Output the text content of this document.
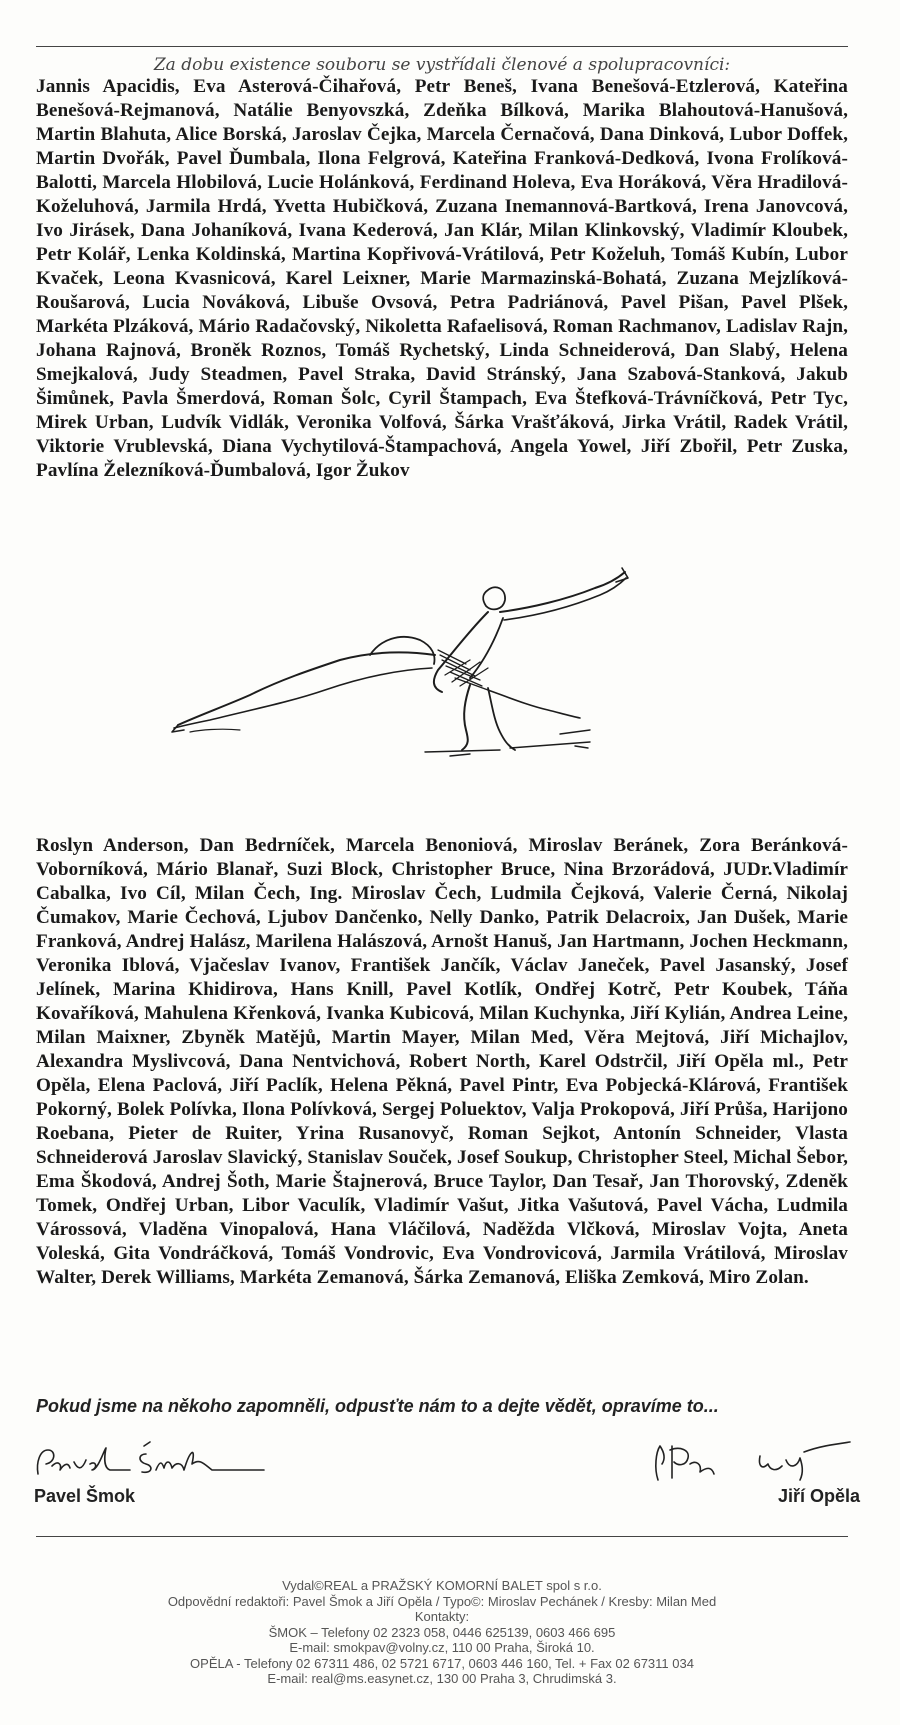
Za dobu existence souboru se vystřídali členové a spolupracovníci:
Jannis Apacidis, Eva Asterová-Čihařová, Petr Beneš, Ivana Benešová-Etzlerová, Kateřina Benešová-Rejmanová, Natálie Benyovszká, Zdeňka Bílková, Marika Blahoutová-Hanušová, Martin Blahuta, Alice Borská, Jaroslav Čejka, Marcela Černačová, Dana Dinková, Lubor Doffek, Martin Dvořák, Pavel Ďumbala, Ilona Felgrová, Kateřina Franková-Dedková, Ivona Frolíková-Balotti, Marcela Hlobilová, Lucie Holánková, Ferdinand Holeva, Eva Horáková, Věra Hradilová-Koželuhová, Jarmila Hrdá, Yvetta Hubičková, Zuzana Inemannová-Bartková, Irena Janovcová, Ivo Jirásek, Dana Johaníková, Ivana Kederová, Jan Klár, Milan Klinkovský, Vladimír Kloubek, Petr Kolář, Lenka Koldinská, Martina Kopřivová-Vrátilová, Petr Koželuh, Tomáš Kubín, Lubor Kvaček, Leona Kvasnicová, Karel Leixner, Marie Marmazinská-Bohatá, Zuzana Mejzlíková-Roušarová, Lucia Nováková, Libuše Ovsová, Petra Padriánová, Pavel Pišan, Pavel Plšek, Markéta Plzáková, Mário Radačovský, Nikoletta Rafaelisová, Roman Rachmanov, Ladislav Rajn, Johana Rajnová, Broněk Roznos, Tomáš Rychetský, Linda Schneiderová, Dan Slabý, Helena Smejkalová, Judy Steadmen, Pavel Straka, David Stránský, Jana Szabová-Stanková, Jakub Šimůnek, Pavla Šmerdová, Roman Šolc, Cyril Štampach, Eva Štefková-Trávníčková, Petr Tyc, Mirek Urban, Ludvík Vidlák, Veronika Volfová, Šárka Vrašťáková, Jirka Vrátil, Radek Vrátil, Viktorie Vrublevská, Diana Vychytilová-Štampachová, Angela Yowel, Jiří Zbořil, Petr Zuska, Pavlína Železníková-Ďumbalová, Igor Žukov
Roslyn Anderson, Dan Bedrníček, Marcela Benoniová, Miroslav Beránek, Zora Beránková-Voborníková, Mário Blanař, Suzi Block, Christopher Bruce, Nina Brzorádová, JUDr.Vladimír Cabalka, Ivo Cíl, Milan Čech, Ing. Miroslav Čech, Ludmila Čejková, Valerie Černá, Nikolaj Čumakov, Marie Čechová, Ljubov Dančenko, Nelly Danko, Patrik Delacroix, Jan Dušek, Marie Franková, Andrej Halász, Marilena Halászová, Arnošt Hanuš, Jan Hartmann, Jochen Heckmann, Veronika Iblová, Vjačeslav Ivanov, František Jančík, Václav Janeček, Pavel Jasanský, Josef Jelínek, Marina Khidirova, Hans Knill, Pavel Kotlík, Ondřej Kotrč, Petr Koubek, Táňa Kovaříková, Mahulena Křenková, Ivanka Kubicová, Milan Kuchynka, Jiří Kylián, Andrea Leine, Milan Maixner, Zbyněk Matějů, Martin Mayer, Milan Med, Věra Mejtová, Jiří Michajlov, Alexandra Myslivcová, Dana Nentvichová, Robert North, Karel Odstrčil, Jiří Opěla ml., Petr Opěla, Elena Paclová, Jiří Paclík, Helena Pěkná, Pavel Pintr, Eva Pobjecká-Klárová, František Pokorný, Bolek Polívka, Ilona Polívková, Sergej Poluektov, Valja Prokopová, Jiří Průša, Harijono Roebana, Pieter de Ruiter, Yrina Rusanovyč, Roman Sejkot, Antonín Schneider, Vlasta Schneiderová Jaroslav Slavický, Stanislav Souček, Josef Soukup, Christopher Steel, Michal Šebor, Ema Škodová, Andrej Šoth, Marie Štajnerová, Bruce Taylor, Dan Tesař, Jan Thorovský, Zdeněk Tomek, Ondřej Urban, Libor Vaculík, Vladimír Vašut, Jitka Vašutová, Pavel Vácha, Ludmila Várossová, Vladěna Vinopalová, Hana Vláčilová, Naděžda Vlčková, Miroslav Vojta, Aneta Voleská, Gita Vondráčková, Tomáš Vondrovic, Eva Vondrovicová, Jarmila Vrátilová, Miroslav Walter, Derek Williams, Markéta Zemanová, Šárka Zemanová, Eliška Zemková, Miro Zolan.
Pokud jsme na někoho zapomněli, odpusťte nám to a dejte vědět, opravíme to...
Pavel Šmok	Jiří Opěla
Vydal©REAL a PRAŽSKÝ KOMORNÍ BALET spol s r.o.
Odpovědní redaktoři: Pavel Šmok a Jiří Opěla / Typo©: Miroslav Pechánek / Kresby: Milan Med
Kontakty:
ŠMOK – Telefony 02 2323 058, 0446 625139, 0603 466 695
E-mail: smokpav@volny.cz, 110 00 Praha, Široká 10.
OPĚLA - Telefony 02 67311 486, 02 5721 6717, 0603 446 160, Tel. + Fax 02 67311 034
E-mail: real@ms.easynet.cz, 130 00 Praha 3, Chrudimská 3.
